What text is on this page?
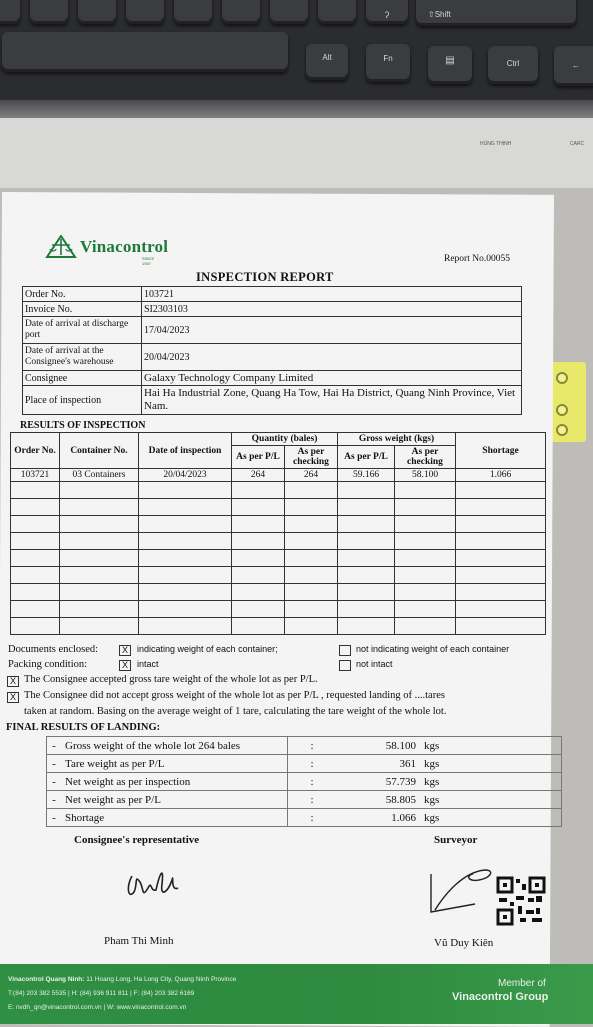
ʔ	⇧Shift
Alt	Fn	▤	Ctrl	←
HÙNG THỊNH	CARC
Vinacontrol
SINCE 1957	Report No.00055
INSPECTION REPORT
Order No.	103721
Invoice No.	SI2303103
Date of arrival at discharge port	17/04/2023
Date of arrival at the Consignee's warehouse	20/04/2023
Consignee	Galaxy Technology Company Limited
Place of inspection	Hai Ha Industrial Zone, Quang Ha Tow, Hai Ha District, Quang Ninh Province, Viet Nam.
RESULTS OF INSPECTION
Order No.	Container No.	Date of inspection	Quantity (bales)		Gross weight (kgs)		Shortage
			As per P/L	As per checking	As per P/L	As per checking	
103721	03 Containers	20/04/2023	264	264	59.166	58.100	1.066

Documents enclosed:	X	indicating weight of each container;	not indicating weight of each container
Packing condition:	X	intact	not intact
X The Consignee accepted gross tare weight of the whole lot as per P/L.
X The Consignee did not accept gross weight of the whole lot as per P/L , requested landing of ....tares
taken at random. Basing on the average weight of 1 tare, calculating the tare weight of the whole lot.
FINAL RESULTS OF LANDING:
-	Gross weight of the whole lot 264 bales	:	58.100	kgs
-	Tare weight as per P/L	:	361	kgs
-	Net weight as per inspection	:	57.739	kgs
-	Net weight as per P/L	:	58.805	kgs
-	Shortage	:	1.066	kgs
Consignee's representative	Surveyor
Pham Thi Minh	Vũ Duy Kiên
Vinacontrol Quang Ninh: 11 Hoang Long, Ha Long City, Quang Ninh Province
T:(84) 203 382 5535 | H: (84) 936 911 811 | F: (84) 203 382 6169
E: nvdh_qn@vinacontrol.com.vn | W: www.vinacontrol.com.vn
Member of
Vinacontrol Group
